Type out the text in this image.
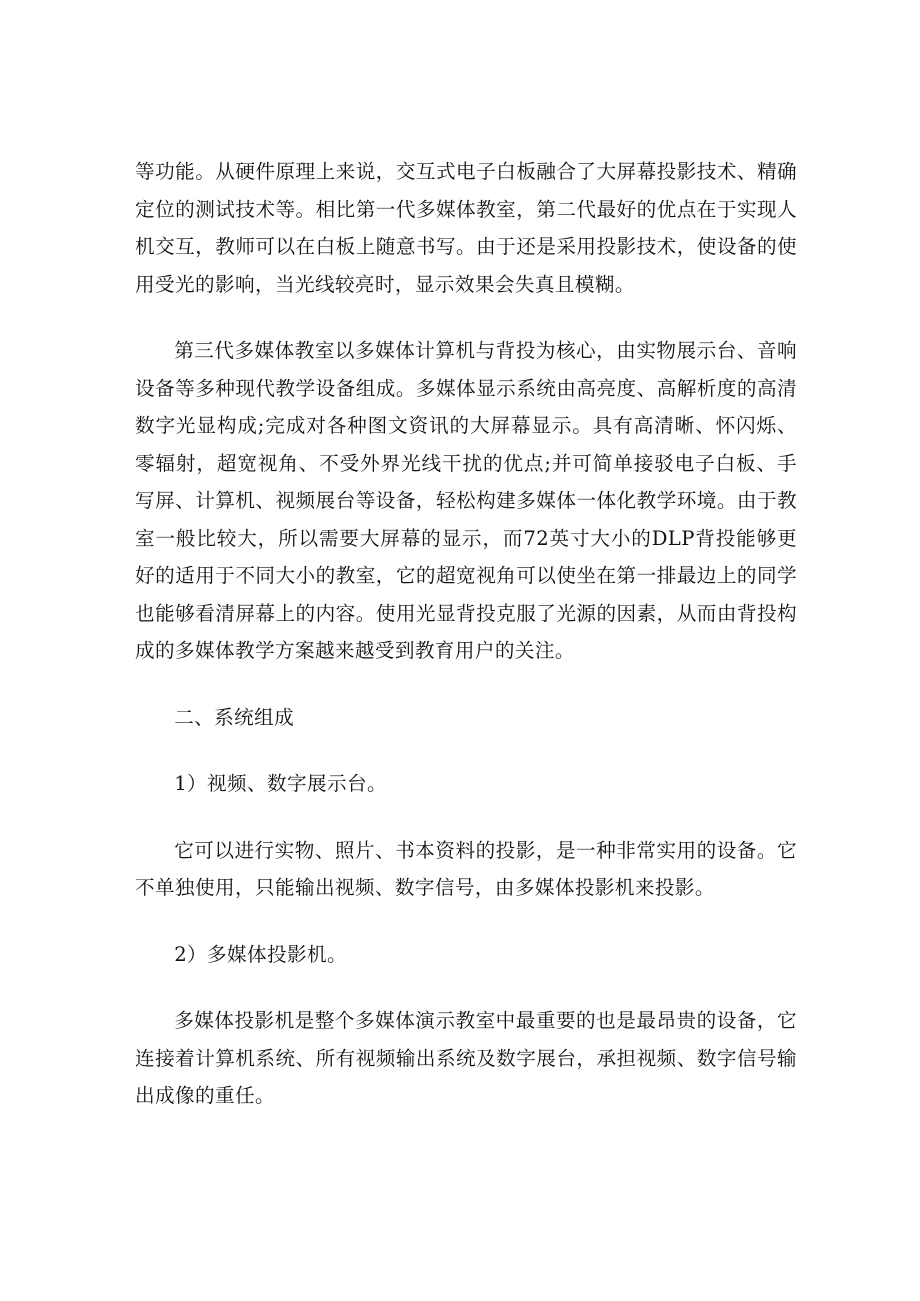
等功能。从硬件原理上来说，交互式电子白板融合了大屏幕投影技术、精确定位的测试技术等。相比第一代多媒体教室，第二代最好的优点在于实现人机交互，教师可以在白板上随意书写。由于还是采用投影技术，使设备的使用受光的影响，当光线较亮时，显示效果会失真且模糊。

第三代多媒体教室以多媒体计算机与背投为核心，由实物展示台、音响设备等多种现代教学设备组成。多媒体显示系统由高亮度、高解析度的高清数字光显构成;完成对各种图文资讯的大屏幕显示。具有高清晰、怀闪烁、零辐射，超宽视角、不受外界光线干扰的优点;并可简单接驳电子白板、手写屏、计算机、视频展台等设备，轻松构建多媒体一体化教学环境。由于教室一般比较大，所以需要大屏幕的显示，而72英寸大小的DLP背投能够更好的适用于不同大小的教室，它的超宽视角可以使坐在第一排最边上的同学也能够看清屏幕上的内容。使用光显背投克服了光源的因素，从而由背投构成的多媒体教学方案越来越受到教育用户的关注。

二、系统组成

1）视频、数字展示台。

它可以进行实物、照片、书本资料的投影，是一种非常实用的设备。它不单独使用，只能输出视频、数字信号，由多媒体投影机来投影。

2）多媒体投影机。

多媒体投影机是整个多媒体演示教室中最重要的也是最昂贵的设备，它连接着计算机系统、所有视频输出系统及数字展台，承担视频、数字信号输出成像的重任。
